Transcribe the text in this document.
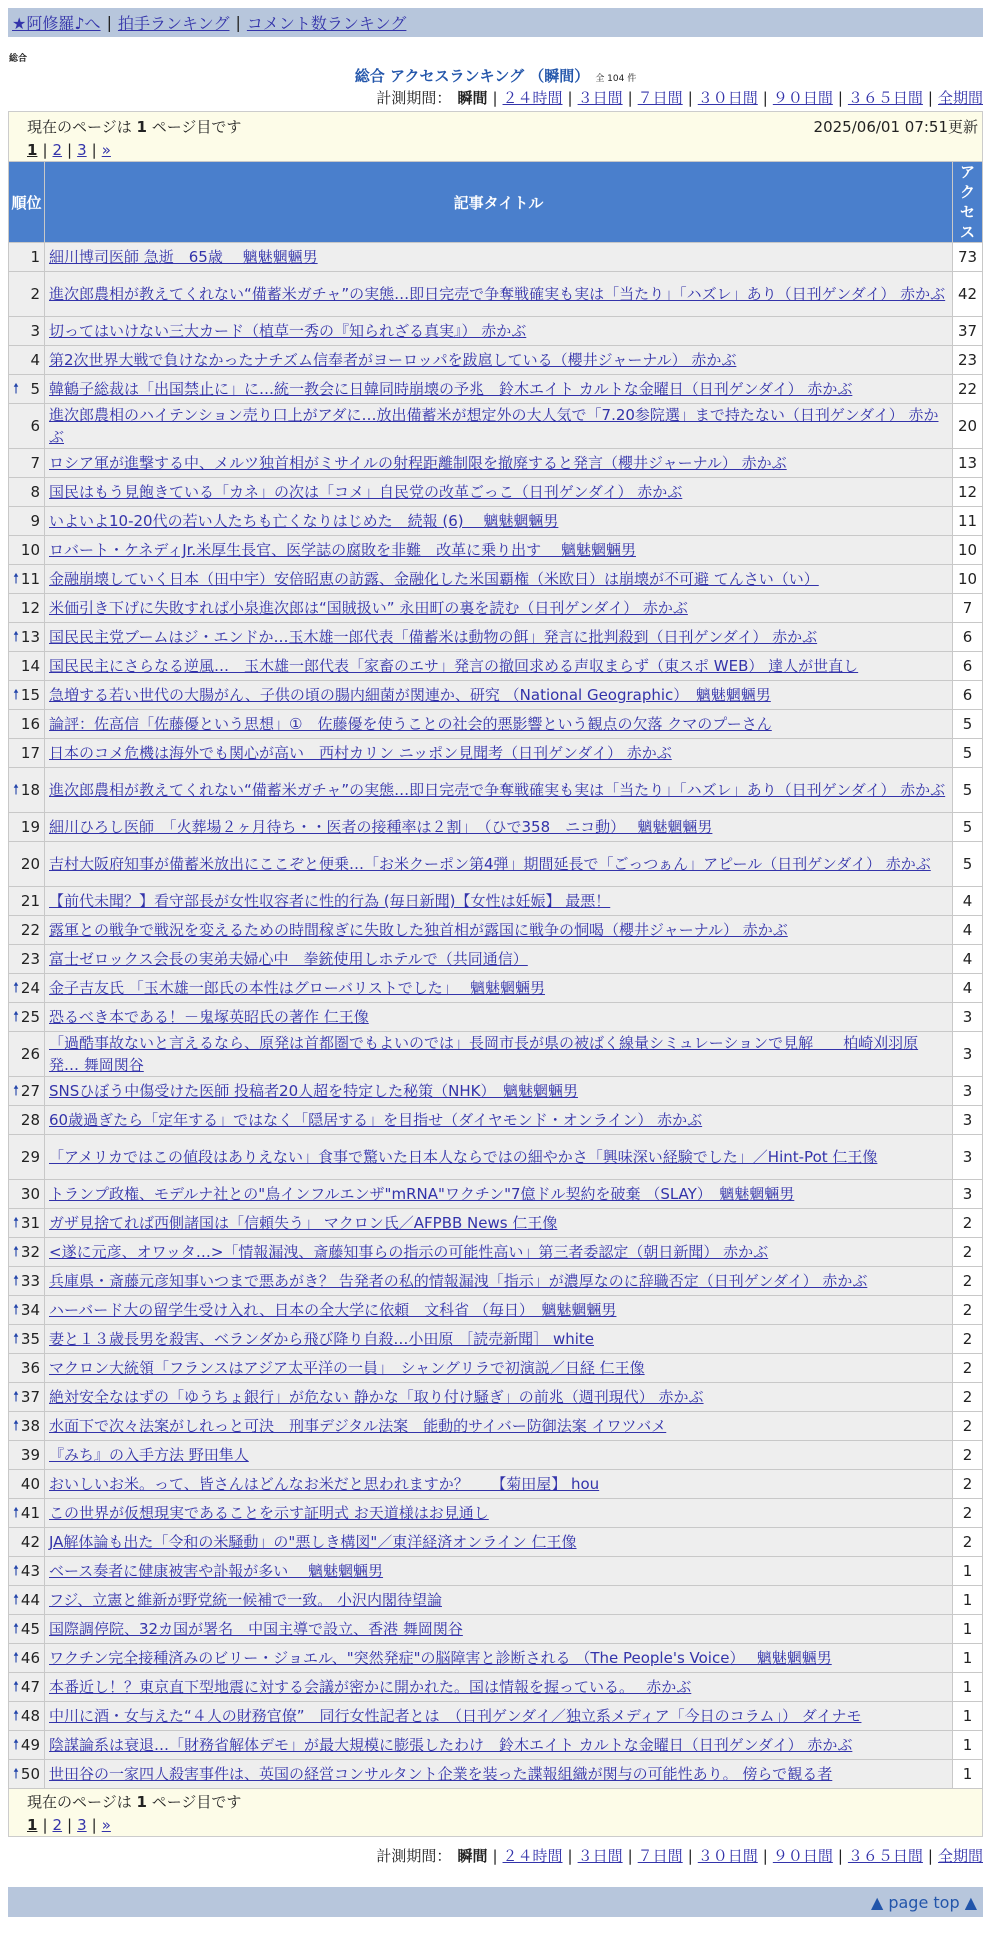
★阿修羅♪へ | 拍手ランキング | コメント数ランキング
総合
総合 アクセスランキング （瞬間） 全 104 件
計測期間： 瞬間 | ２４時間 | ３日間 | ７日間 | ３０日間 | ９０日間 | ３６５日間 | 全期間
現在のページは 1 ページ目です	2025/06/01 07:51更新
1 | 2 | 3 | »
順位	記事タイトル	アクセス
1	細川博司医師 急逝　65歳　 魑魅魍魎男	73
2	進次郎農相が教えてくれない“備蓄米ガチャ”の実態…即日完売で争奪戦確実も実は「当たり」「ハズレ」あり（日刊ゲンダイ） 赤かぶ	42
3	切ってはいけない三大カード（植草一秀の『知られざる真実』） 赤かぶ	37
4	第2次世界大戦で負けなかったナチズム信奉者がヨーロッパを跋扈している（櫻井ジャーナル） 赤かぶ	23

🠕 5	韓鶴子総裁は「出国禁止に」に…統一教会に日韓同時崩壊の予兆　鈴木エイト カルトな金曜日（日刊ゲンダイ） 赤かぶ	22
6	進次郎農相のハイテンション売り口上がアダに…放出備蓄米が想定外の大人気で「7.20参院選」まで持たない（日刊ゲンダイ） 赤かぶ	20
7	ロシア軍が進撃する中、メルツ独首相がミサイルの射程距離制限を撤廃すると発言（櫻井ジャーナル） 赤かぶ	13
8	国民はもう見飽きている「カネ」の次は「コメ」自民党の改革ごっこ（日刊ゲンダイ） 赤かぶ	12
9	いよいよ10-20代の若い人たちも亡くなりはじめた　続報 (6)　 魑魅魍魎男	11
10	ロバート・ケネディJr.米厚生長官、医学誌の腐敗を非難　改革に乗り出す　 魑魅魍魎男	10

🠕 11	金融崩壊していく日本（田中宇）安倍昭恵の訪露、金融化した米国覇権（米欧日）は崩壊が不可避 てんさい（い）	10
12	米価引き下げに失敗すれば小泉進次郎は“国賊扱い” 永田町の裏を読む（日刊ゲンダイ） 赤かぶ	7

🠕 13	国民民主党ブームはジ・エンドか…玉木雄一郎代表「備蓄米は動物の餌」発言に批判殺到（日刊ゲンダイ） 赤かぶ	6
14	国民民主にさらなる逆風…　玉木雄一郎代表「家畜のエサ」発言の撤回求める声収まらず（東スポ WEB） 達人が世直し	6

🠕 15	急増する若い世代の大腸がん、子供の頃の腸内細菌が関連か、研究 （National Geographic）　魑魅魍魎男	6
16	論評：佐高信「佐藤優という思想」①　佐藤優を使うことの社会的悪影響という観点の欠落 クマのプーさん	5
17	日本のコメ危機は海外でも関心が高い　西村カリン ニッポン見聞考（日刊ゲンダイ） 赤かぶ	5

🠕 18	進次郎農相が教えてくれない“備蓄米ガチャ”の実態…即日完売で争奪戦確実も実は「当たり」「ハズレ」あり（日刊ゲンダイ） 赤かぶ	5
19	細川ひろし医師　「火葬場２ヶ月待ち・・医者の接種率は２割」　（ひで358　ニコ動）　 魑魅魍魎男	5
20	吉村大阪府知事が備蓄米放出にここぞと便乗…「お米クーポン第4弾」期間延長で「ごっつぁん」アピール（日刊ゲンダイ） 赤かぶ	5
21	【前代未聞？】看守部長が女性収容者に性的行為 (毎日新聞)【女性は妊娠】 最悪！	4
22	露軍との戦争で戦況を変えるための時間稼ぎに失敗した独首相が露国に戦争の恫喝（櫻井ジャーナル） 赤かぶ	4
23	富士ゼロックス会長の実弟夫婦心中　拳銃使用しホテルで（共同通信）	4

🠕 24	金子吉友氏 「玉木雄一郎氏の本性はグローバリストでした」　 魑魅魍魎男	4

🠕 25	恐るべき本である！－鬼塚英昭氏の著作 仁王像	3
26	「過酷事故ないと言えるなら、原発は首都圏でもよいのでは」長岡市長が県の被ばく線量シミュレーションで見解　　柏崎刈羽原発… 舞岡関谷	3

🠕 27	SNSひぼう中傷受けた医師 投稿者20人超を特定した秘策（NHK）　魑魅魍魎男	3
28	60歳過ぎたら「定年する」ではなく「隠居する」を目指せ（ダイヤモンド・オンライン） 赤かぶ	3
29	「アメリカではこの値段はありえない」食事で驚いた日本人ならではの細やかさ「興味深い経験でした」／Hint-Pot 仁王像	3
30	トランプ政権、モデルナ社との"鳥インフルエンザ"mRNA"ワクチン"7億ドル契約を破棄 （SLAY）　魑魅魍魎男	3

🠕 31	ガザ見捨てれば西側諸国は「信頼失う」 マクロン氏／AFPBB News 仁王像	2

🠕 32	<遂に元彦、オワッタ…>「情報漏洩、斎藤知事らの指示の可能性高い」第三者委認定（朝日新聞） 赤かぶ	2

🠕 33	兵庫県・斎藤元彦知事いつまで悪あがき？ 告発者の私的情報漏洩「指示」が濃厚なのに辞職否定（日刊ゲンダイ） 赤かぶ	2

🠕 34	ハーバード大の留学生受け入れ、日本の全大学に依頼　文科省 （毎日）　魑魅魍魎男	2

🠕 35	妻と１３歳長男を殺害、ベランダから飛び降り自殺…小田原 ［読売新聞］ white	2
36	マクロン大統領「フランスはアジア太平洋の一員」　シャングリラで初演説／日経 仁王像	2

🠕 37	絶対安全なはずの「ゆうちょ銀行」が危ない 静かな「取り付け騒ぎ」の前兆（週刊現代） 赤かぶ	2

🠕 38	水面下で次々法案がしれっと可決　刑事デジタル法案　能動的サイバー防御法案 イワツバメ	2
39	『みち』の入手方法 野田隼人	2
40	おいしいお米。って、皆さんはどんなお米だと思われますか？　　【菊田屋】 hou	2

🠕 41	この世界が仮想現実であることを示す証明式 お天道様はお見通し	2
42	JA解体論も出た「令和の米騒動」の"悪しき構図"／東洋経済オンライン 仁王像	2

🠕 43	ベース奏者に健康被害や訃報が多い　 魑魅魍魎男	1

🠕 44	フジ、立憲と維新が野党統一候補で一致。 小沢内閣待望論	1

🠕 45	国際調停院、32カ国が署名　中国主導で設立、香港 舞岡関谷	1

🠕 46	ワクチン完全接種済みのビリー・ジョエル、"突然発症"の脳障害と診断される （The People's Voice）　 魑魅魍魎男	1

🠕 47	本番近し！？東京直下型地震に対する会議が密かに開かれた。国は情報を握っている。　 赤かぶ	1

🠕 48	中川に酒・女与えた“４人の財務官僚”　同行女性記者とは　（日刊ゲンダイ／独立系メディア「今日のコラム」） ダイナモ	1

🠕 49	陰謀論系は衰退…「財務省解体デモ」が最大規模に膨張したわけ　鈴木エイト カルトな金曜日（日刊ゲンダイ） 赤かぶ	1

🠕 50	世田谷の一家四人殺害事件は、英国の経営コンサルタント企業を装った諜報組織が関与の可能性あり。 傍らで観る者	1
現在のページは 1 ページ目です
1 | 2 | 3 | »
計測期間： 瞬間 | ２４時間 | ３日間 | ７日間 | ３０日間 | ９０日間 | ３６５日間 | 全期間
▲ page top ▲
